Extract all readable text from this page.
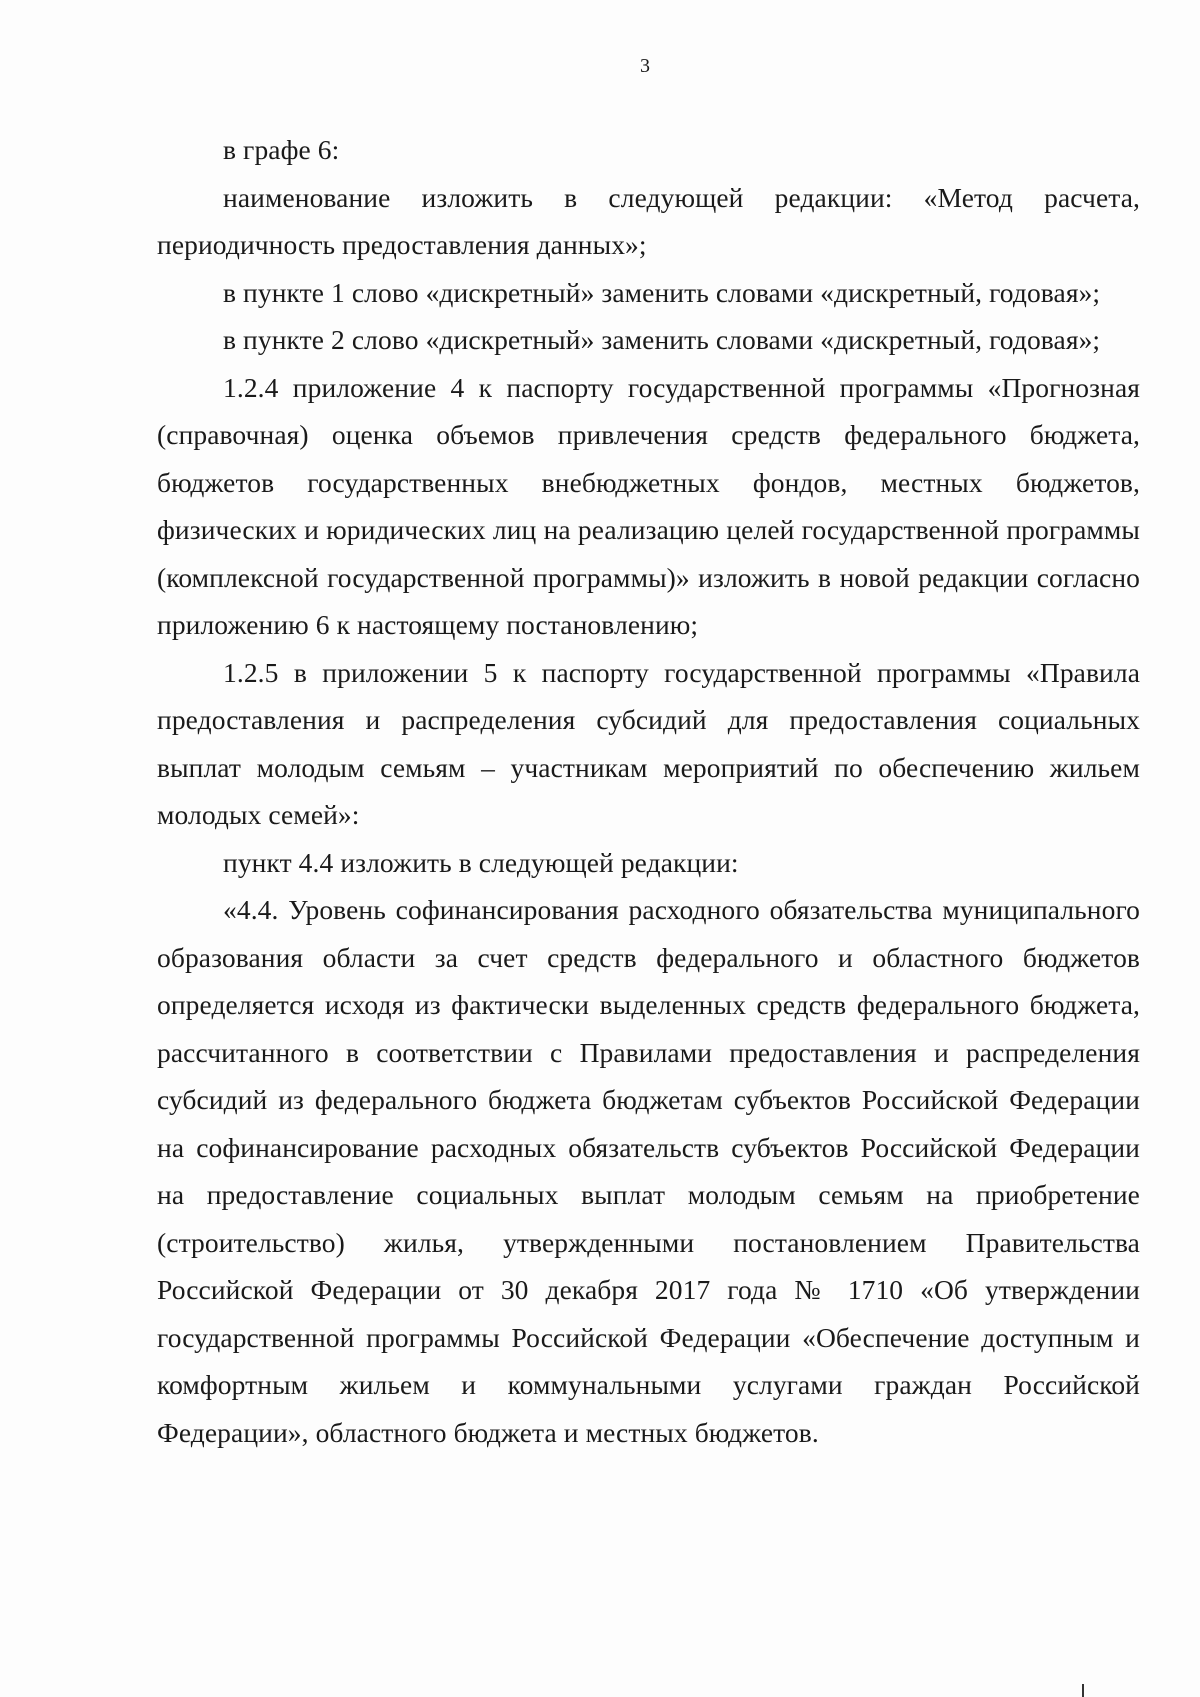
3

в графе 6:

наименование изложить в следующей редакции: «Метод расчета, периодичность предоставления данных»;

в пункте 1 слово «дискретный» заменить словами «дискретный, годовая»;

в пункте 2 слово «дискретный» заменить словами «дискретный, годовая»;

1.2.4 приложение 4 к паспорту государственной программы «Прогнозная (справочная) оценка объемов привлечения средств федерального бюджета, бюджетов государственных внебюджетных фондов, местных бюджетов, физических и юридических лиц на реализацию целей государственной программы (комплексной государственной программы)» изложить в новой редакции согласно приложению 6 к настоящему постановлению;

1.2.5 в приложении 5 к паспорту государственной программы «Правила предоставления и распределения субсидий для предоставления социальных выплат молодым семьям – участникам мероприятий по обеспечению жильем молодых семей»:

пункт 4.4 изложить в следующей редакции:

«4.4. Уровень софинансирования расходного обязательства муниципального образования области за счет средств федерального и областного бюджетов определяется исходя из фактически выделенных средств федерального бюджета, рассчитанного в соответствии с Правилами предоставления и распределения субсидий из федерального бюджета бюджетам субъектов Российской Федерации на софинансирование расходных обязательств субъектов Российской Федерации на предоставление социальных выплат молодым семьям на приобретение (строительство) жилья, утвержденными постановлением Правительства Российской Федерации от 30 декабря 2017 года № 1710 «Об утверждении государственной программы Российской Федерации «Обеспечение доступным и комфортным жильем и коммунальными услугами граждан Российской Федерации», областного бюджета и местных бюджетов.
